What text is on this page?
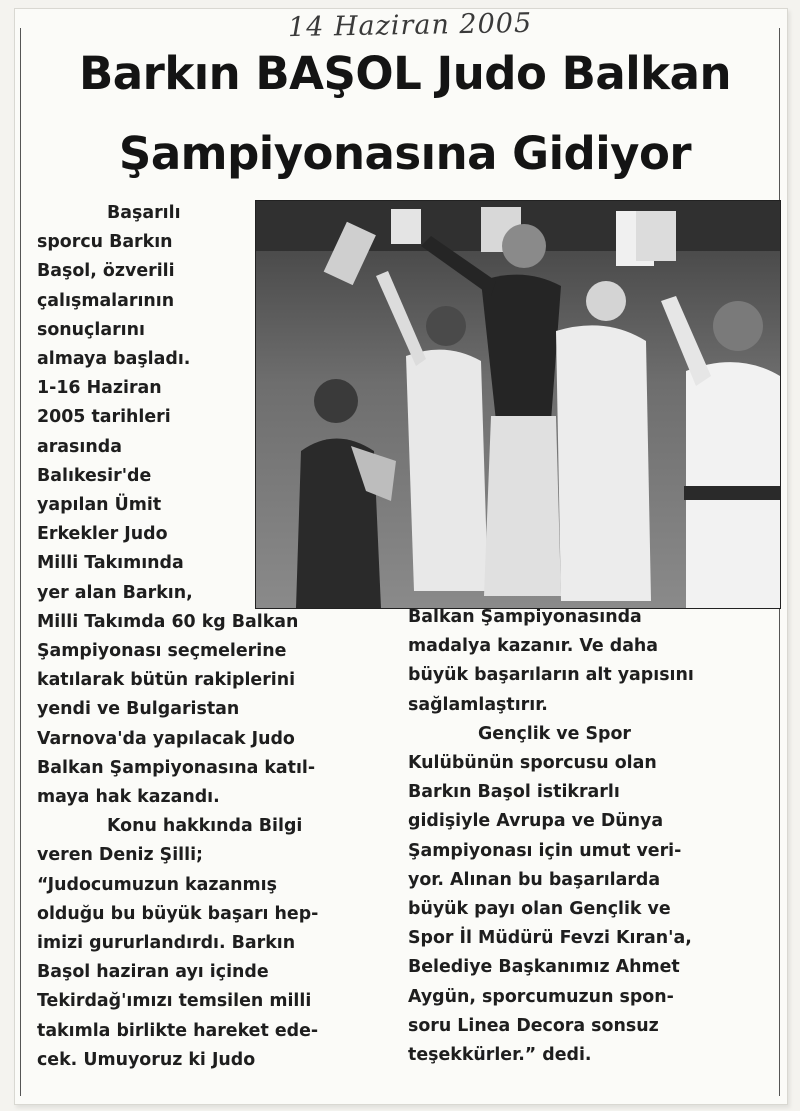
14 Haziran 2005
Barkın BAŞOL Judo Balkan
Şampiyonasına Gidiyor

Başarılı

sporcu Barkın

Başol, özverili

çalışmalarının

sonuçlarını

almaya başladı.

1-16 Haziran

2005 tarihleri

arasında

Balıkesir'de

yapılan Ümit

Erkekler Judo

Milli Takımında

yer alan Barkın,

Milli Takımda 60 kg Balkan

Şampiyonası seçmelerine

katılarak bütün rakiplerini

yendi ve Bulgaristan

Varnova'da yapılacak Judo

Balkan Şampiyonasına katıl-

maya hak kazandı.

Konu hakkında Bilgi

veren Deniz Şilli;

“Judocumuzun kazanmış

olduğu bu büyük başarı hep-

imizi gururlandırdı. Barkın

Başol haziran ayı içinde

Tekirdağ'ımızı temsilen milli

takımla birlikte hareket ede-

cek. Umuyoruz ki Judo

Balkan Şampiyonasında

madalya kazanır. Ve daha

büyük başarıların alt yapısını

sağlamlaştırır.

Gençlik ve Spor

Kulübünün sporcusu olan

Barkın Başol istikrarlı

gidişiyle Avrupa ve Dünya

Şampiyonası için umut veri-

yor. Alınan bu başarılarda

büyük payı olan Gençlik ve

Spor İl Müdürü Fevzi Kıran'a,

Belediye Başkanımız Ahmet

Aygün, sporcumuzun spon-

soru Linea Decora sonsuz

teşekkürler.” dedi.
